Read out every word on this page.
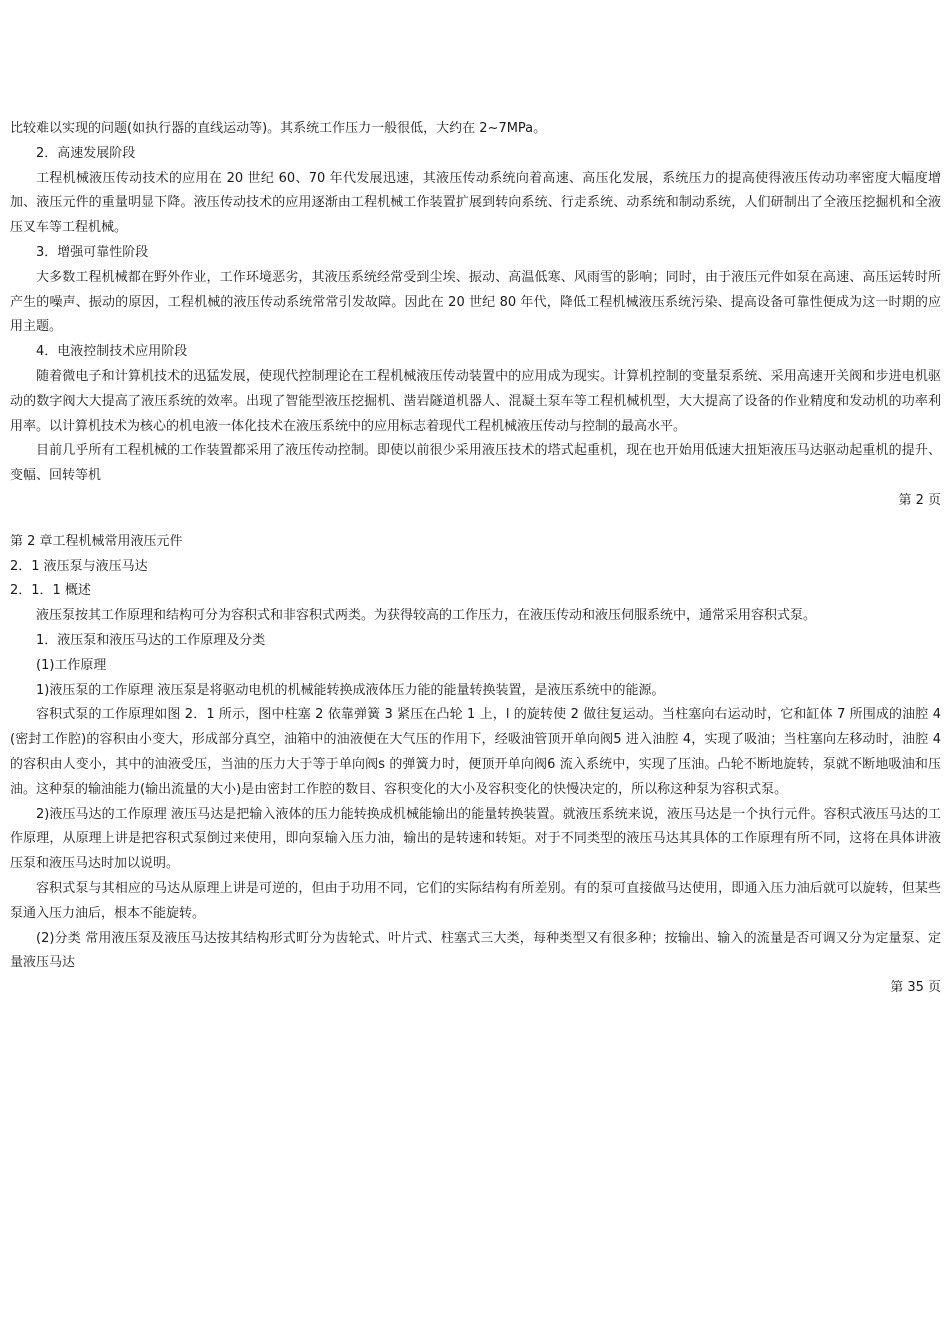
比较难以实现的问题(如执行器的直线运动等)。其系统工作压力一般很低，大约在 2~7MPa。

2．高速发展阶段

工程机械液压传动技术的应用在 20 世纪 60、70 年代发展迅速，其液压传动系统向着高速、高压化发展，系统压力的提高使得液压传动功率密度大幅度增加、液压元件的重量明显下降。液压传动技术的应用逐渐由工程机械工作装置扩展到转向系统、行走系统、动系统和制动系统，人们研制出了全液压挖掘机和全液压叉车等工程机械。

3．增强可靠性阶段

大多数工程机械都在野外作业，工作环境恶劣，其液压系统经常受到尘埃、振动、高温低寒、风雨雪的影响；同时，由于液压元件如泵在高速、高压运转时所产生的噪声、振动的原因，工程机械的液压传动系统常常引发故障。因此在 20 世纪 80 年代，降低工程机械液压系统污染、提高设备可靠性便成为这一时期的应用主题。

4．电液控制技术应用阶段

随着微电子和计算机技术的迅猛发展，使现代控制理论在工程机械液压传动装置中的应用成为现实。计算机控制的变量泵系统、采用高速开关阀和步进电机驱动的数字阀大大提高了液压系统的效率。出现了智能型液压挖掘机、凿岩隧道机器人、混凝土泵车等工程机械机型，大大提高了设备的作业精度和发动机的功率利用率。以计算机技术为核心的机电液一体化技术在液压系统中的应用标志着现代工程机械液压传动与控制的最高水平。

目前几乎所有工程机械的工作装置都采用了液压传动控制。即使以前很少采用液压技术的塔式起重机，现在也开始用低速大扭矩液压马达驱动起重机的提升、变幅、回转等机

第 2 页

第 2 章工程机械常用液压元件

2．1 液压泵与液压马达

2．1．1 概述

液压泵按其工作原理和结构可分为容积式和非容积式两类。为获得较高的工作压力，在液压传动和液压伺服系统中，通常采用容积式泵。

1．液压泵和液压马达的工作原理及分类

(1)工作原理

1)液压泵的工作原理 液压泵是将驱动电机的机械能转换成液体压力能的能量转换装置，是液压系统中的能源。

容积式泵的工作原理如图 2．1 所示，图中柱塞 2 依靠弹簧 3 紧压在凸轮 1 上，l 的旋转使 2 做往复运动。当柱塞向右运动时，它和缸体 7 所围成的油腔 4(密封工作腔)的容积由小变大，形成部分真空，油箱中的油液便在大气压的作用下，经吸油管顶开单向阀5 进入油腔 4，实现了吸油；当柱塞向左移动时，油腔 4 的容积由人变小，其中的油液受压，当油的压力大于等于单向阀s 的弹簧力时，便顶开单向阀6 流入系统中，实现了压油。凸轮不断地旋转，泵就不断地吸油和压油。这种泵的输油能力(输出流量的大小)是由密封工作腔的数目、容积变化的大小及容积变化的快慢决定的，所以称这种泵为容积式泵。

2)液压马达的工作原理 液压马达是把输入液体的压力能转换成机械能输出的能量转换装置。就液压系统来说，液压马达是一个执行元件。容积式液压马达的工作原理，从原理上讲是把容积式泵倒过来使用，即向泵输入压力油，输出的是转速和转矩。对于不同类型的液压马达其具体的工作原理有所不同，这将在具体讲液压泵和液压马达时加以说明。

容积式泵与其相应的马达从原理上讲是可逆的，但由于功用不同，它们的实际结构有所差别。有的泵可直接做马达使用，即通入压力油后就可以旋转，但某些泵通入压力油后，根本不能旋转。

(2)分类 常用液压泵及液压马达按其结构形式町分为齿轮式、叶片式、柱塞式三大类，每种类型又有很多种；按输出、输入的流量是否可调又分为定量泵、定量液压马达

第 35 页
